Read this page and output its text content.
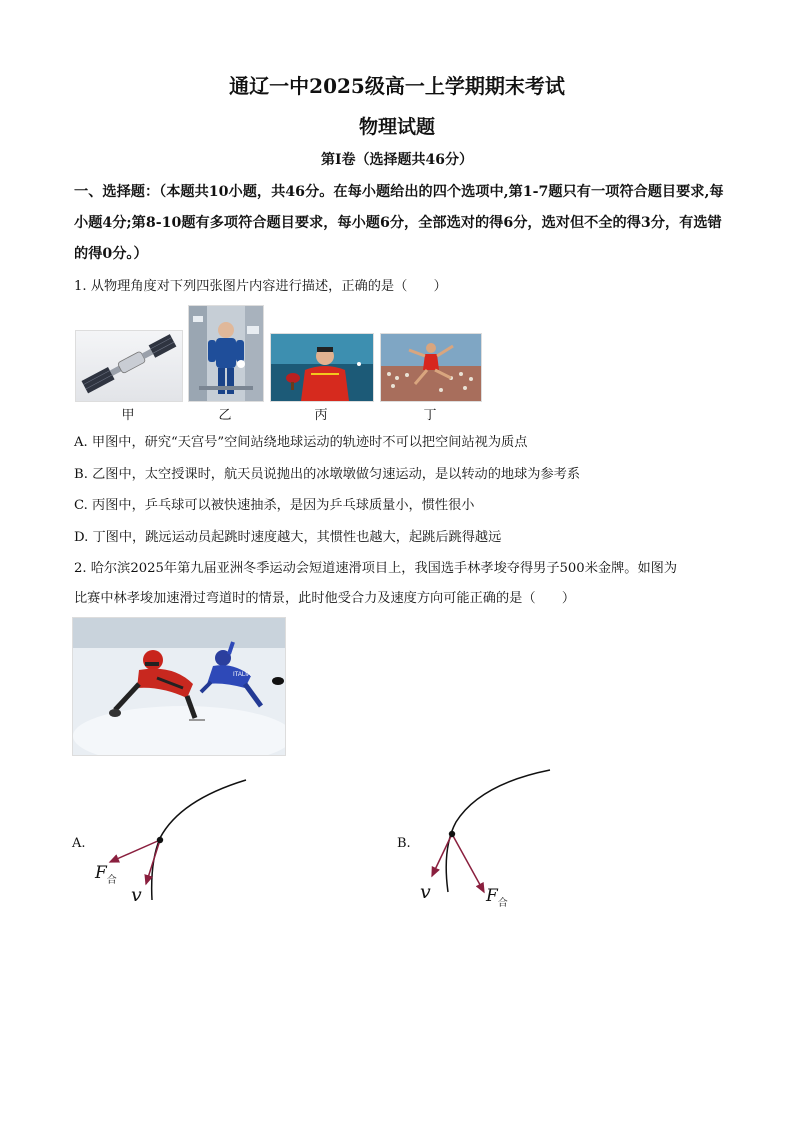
通辽一中2025级高一上学期期末考试
物理试题
第Ⅰ卷（选择题共46分）
一、选择题：（本题共10小题，共46分。在每小题给出的四个选项中,第1-7题只有一项符合题目要求,每小题4分;第8-10题有多项符合题目要求，每小题6分，全部选对的得6分，选对但不全的得3分，有选错的得0分。）
1. 从物理角度对下列四张图片内容进行描述，正确的是（　　）
甲	乙	丙	丁
A. 甲图中，研究“天宫号”空间站绕地球运动的轨迹时不可以把空间站视为质点
B. 乙图中，太空授课时，航天员说抛出的冰墩墩做匀速运动，是以转动的地球为参考系
C. 丙图中，乒乓球可以被快速抽杀，是因为乒乓球质量小，惯性很小
D. 丁图中，跳远运动员起跳时速度越大，其惯性也越大，起跳后跳得越远
2. 哈尔滨2025年第九届亚洲冬季运动会短道速滑项目上，我国选手林孝埈夺得男子500米金牌。如图为
比赛中林孝埈加速滑过弯道时的情景，此时他受合力及速度方向可能正确的是（　　）
ITALIA
A.
$F_合$
v
B.
v	$F_合$
